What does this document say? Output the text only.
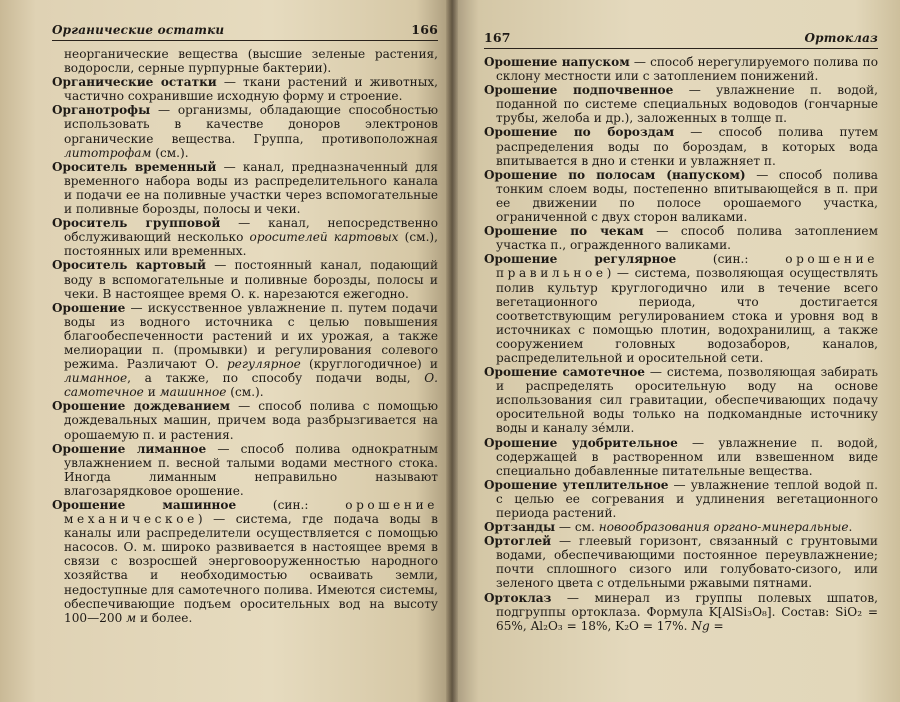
Органические остатки	166

неорганические вещества (высшие зеленые растения, водоросли, серные пурпурные бактерии).

Органические остатки — ткани растений и животных, частично сохранившие исходную форму и строение.

Органотрофы — организмы, обладающие способностью использовать в качестве доноров электронов органические вещества. Группа, противоположная литотрофам (см.).

Ороситель временный — канал, предназначенный для временного набора воды из распределительного канала и подачи ее на поливные участки через вспомогательные и поливные борозды, полосы и чеки.

Ороситель групповой — канал, непосредственно обслуживающий несколько оросителей картовых (см.), постоянных или временных.

Ороситель картовый — постоянный канал, подающий воду в вспомогательные и поливные борозды, полосы и чеки. В настоящее время О. к. нарезаются ежегодно.

Орошение — искусственное увлажнение п. путем подачи воды из водного источника с целью повышения благообеспеченности растений и их урожая, а также мелиорации п. (промывки) и регулирования солевого режима. Различают О. регулярное (круглогодичное) и лиманное, а также, по способу подачи воды, О. самотечное и машинное (см.).

Орошение дождеванием — способ полива с помощью дождевальных машин, причем вода разбрызгивается на орошаемую п. и растения.

Орошение лиманное — способ полива однократным увлажнением п. весной талыми водами местного стока. Иногда лиманным неправильно называют влагозарядковое орошение.

Орошение машинное (син.: орошение механическое) — система, где подача воды в каналы или распределители осуществляется с помощью насосов. О. м. широко развивается в настоящее время в связи с возросшей энерговооруженностью народного хозяйства и необходимостью осваивать земли, недоступные для самотечного полива. Имеются системы, обеспечивающие подъем оросительных вод на высоту 100—200 м и более.

167	Ортоклаз

Орошение напуском — способ нерегулируемого полива по склону местности или с затоплением понижений.

Орошение подпочвенное — увлажнение п. водой, поданной по системе специальных водоводов (гончарные трубы, желоба и др.), заложенных в толще п.

Орошение по бороздам — способ полива путем распределения воды по бороздам, в которых вода впитывается в дно и стенки и увлажняет п.

Орошение по полосам (напуском) — способ полива тонким слоем воды, постепенно впитывающейся в п. при ее движении по полосе орошаемого участка, ограниченной с двух сторон валиками.

Орошение по чекам — способ полива затоплением участка п., огражденного валиками.

Орошение регулярное (син.: орошение правильное) — система, позволяющая осуществлять полив культур круглогодично или в течение всего вегетационного периода, что достигается соответствующим регулированием стока и уровня вод в источниках с помощью плотин, водохранилищ, а также сооружением головных водозаборов, каналов, распределительной и оросительной сети.

Орошение самотечное — система, позволяющая забирать и распределять оросительную воду на основе использования сил гравитации, обеспечивающих подачу оросительной воды только на подкомандные источнику воды и каналу зе́мли.

Орошение удобрительное — увлажнение п. водой, содержащей в растворенном или взвешенном виде специально добавленные питательные вещества.

Орошение утеплительное — увлажнение теплой водой п. с целью ее согревания и удлинения вегетационного периода растений.

Ортзанды — см. новообразования органо-минеральные.

Ортоглей — глеевый горизонт, связанный с грунтовыми водами, обеспечивающими постоянное переувлажнение; почти сплошного сизого или голубовато-сизого, или зеленого цвета с отдельными ржавыми пятнами.

Ортоклаз — минерал из группы полевых шпатов, подгруппы ортоклаза. Формула K[AlSi₃O₈]. Состав: SiO₂ = 65%, Al₂O₃ = 18%, K₂O = 17%. Ng =
